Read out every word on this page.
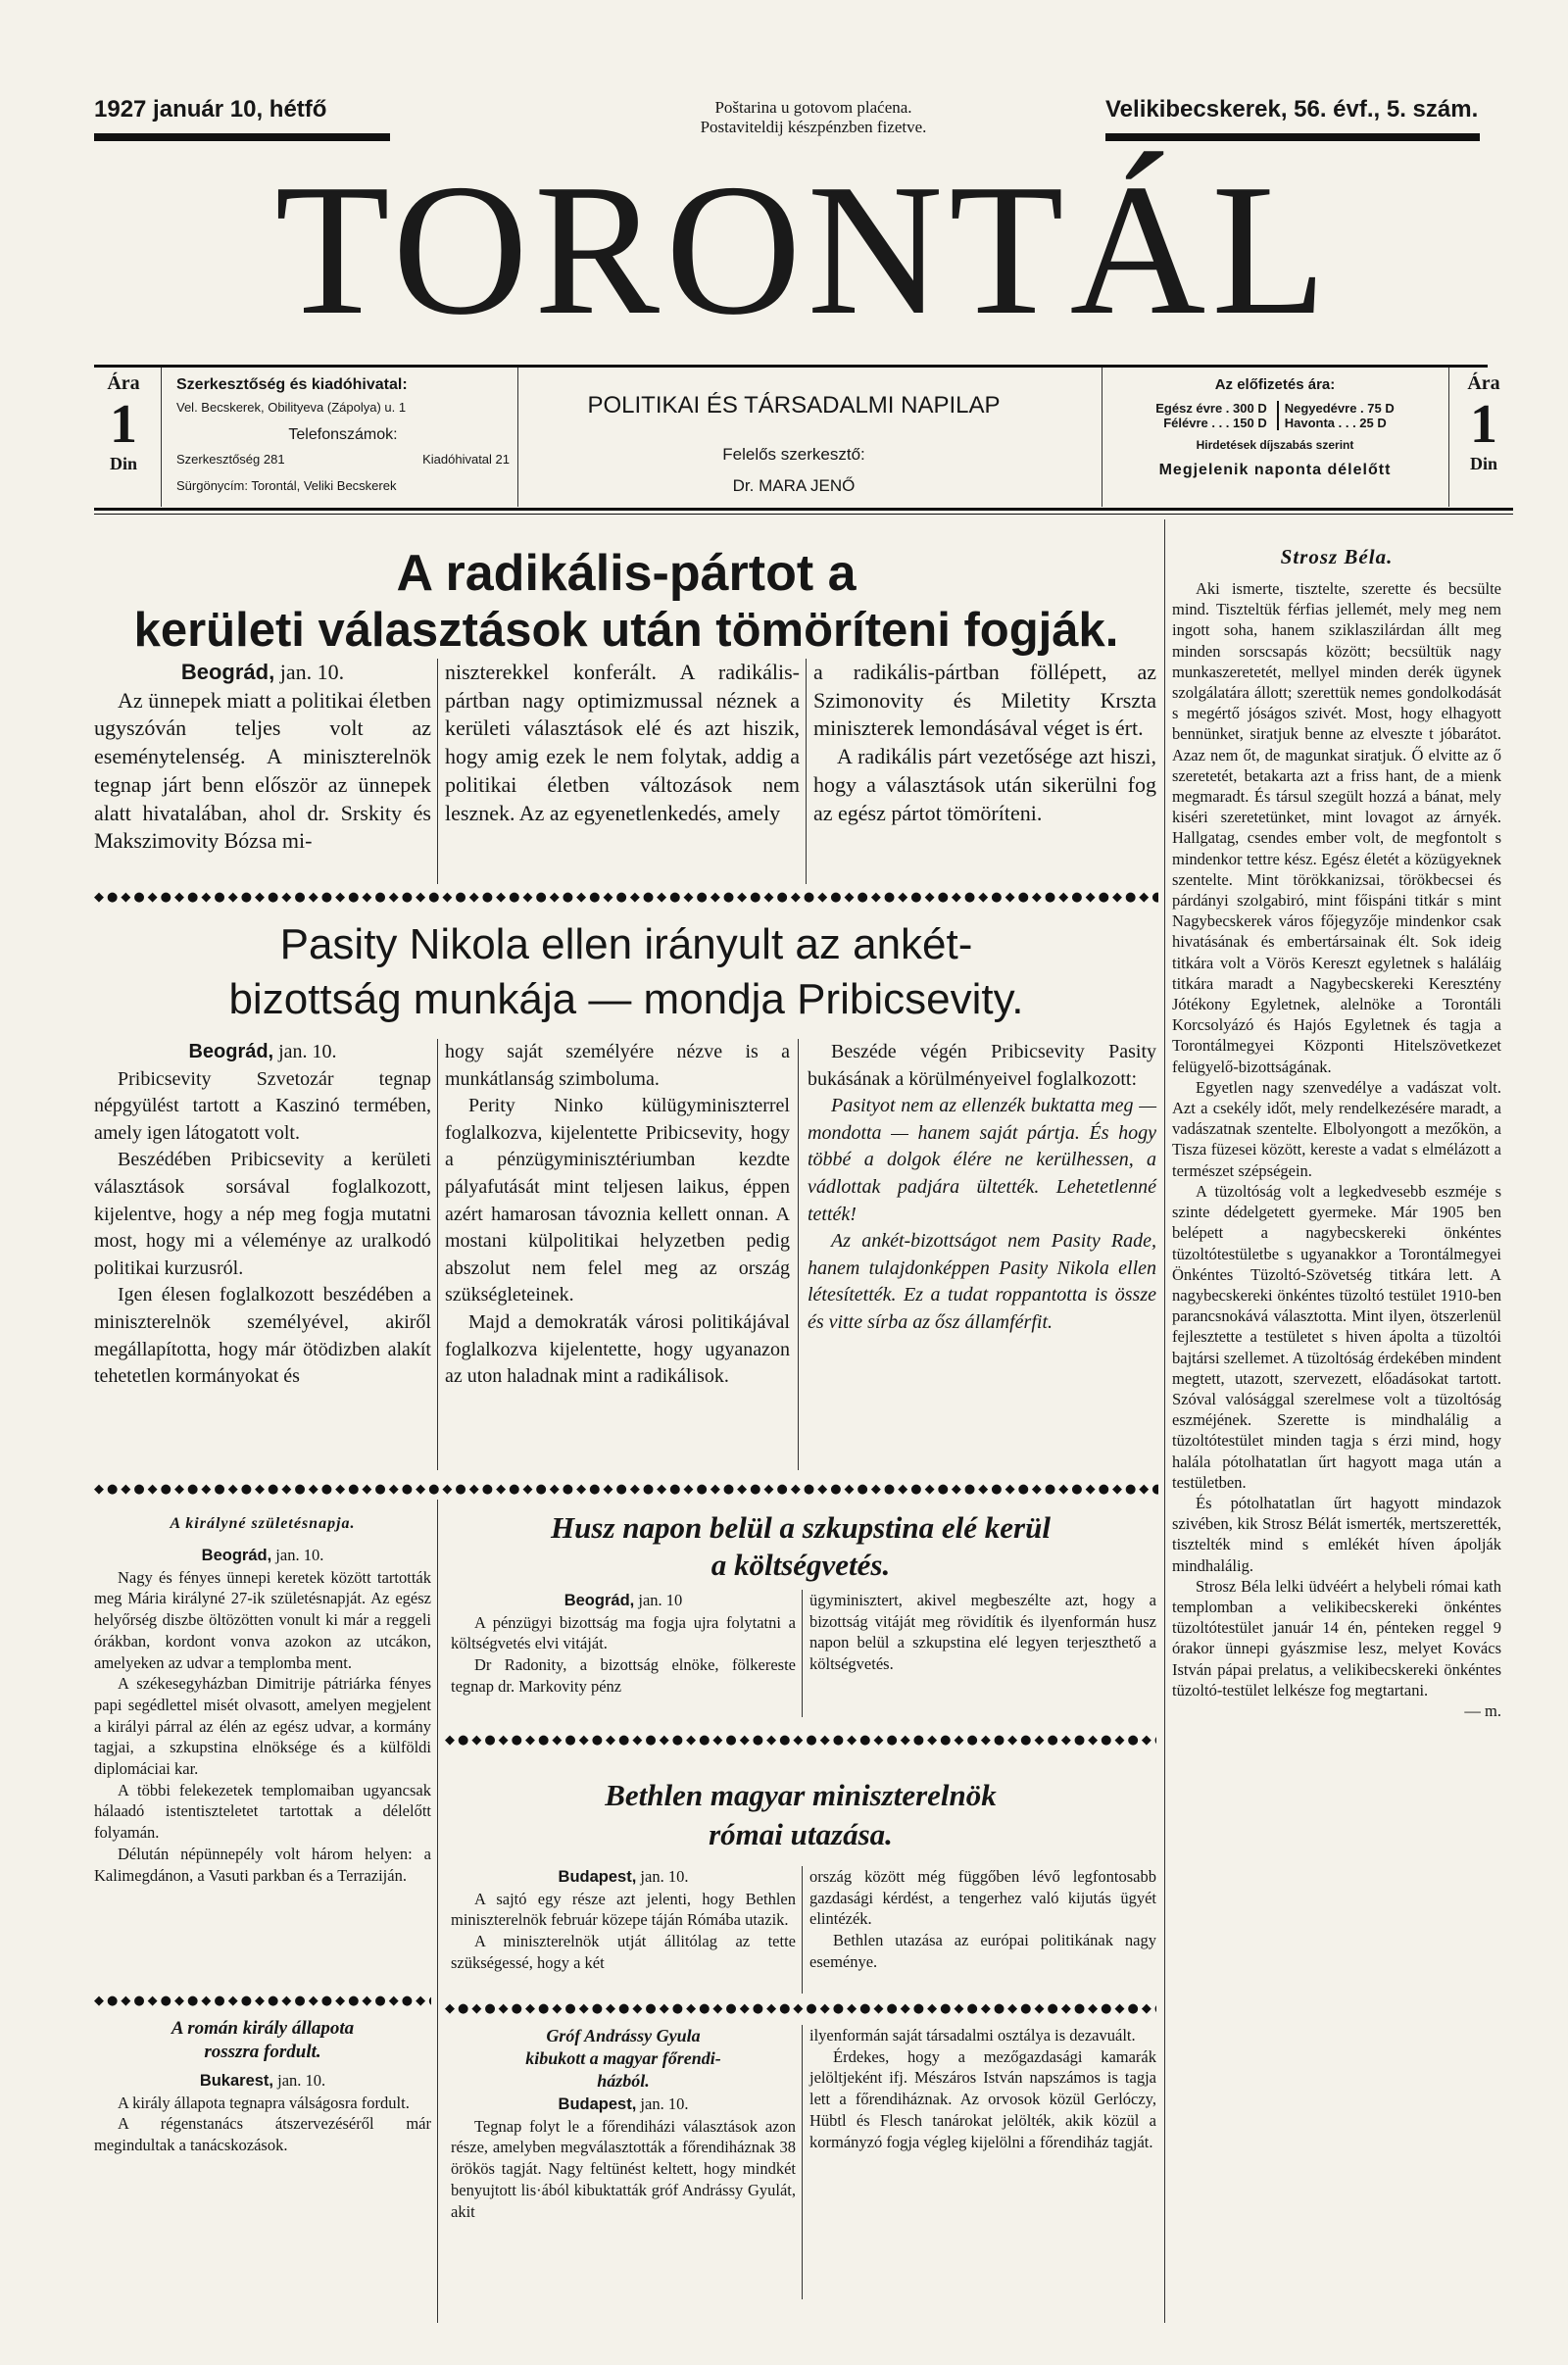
1927 január 10, hétfő	Poštarina u gotovom plaćena.
Postaviteldij készpénzben fizetve.
Velikibecskerek, 56. évf., 5. szám.
TORONTÁL
Ára
1
Din
Szerkesztőség és kiadóhivatal:
Vel. Becskerek, Obilityeva (Zápolya) u. 1
Telefonszámok:
Szerkesztőség 281	Kiadóhivatal 21
Sürgönycím: Torontál, Veliki Becskerek
POLITIKAI ÉS TÁRSADALMI NAPILAP
Felelős szerkesztő:
Dr. MARA JENŐ
Az előfizetés ára:
Egész évre . 300 D	Negyedévre . 75 D
Félévre . . . 150 D	Havonta . . . 25 D
Hirdetések díjszabás szerint
Megjelenik naponta délelőtt
Ára
1
Din
A radikális-pártot a
kerületi választások után tömöríteni fogják.
Beográd, jan. 10.

Az ünnepek miatt a politikai életben ugyszóván teljes volt az eseménytelenség. A miniszterelnök tegnap járt benn először az ünnepek alatt hivatalában, ahol dr. Srskity és Makszimovity Bózsa mi-

niszterekkel konferált. A radikális-pártban nagy optimizmussal néznek a kerületi választások elé és azt hiszik, hogy amig ezek le nem folytak, addig a politikai életben változások nem lesznek. Az az egyenetlenkedés, amely

a radikális-pártban föllépett, az Szimonovity és Miletity Krszta miniszterek lemondásával véget is ért.

A radikális párt vezetősége azt hiszi, hogy a választások után sikerülni fog az egész pártot tömöríteni.

◆●◆●◆●◆●◆●◆●◆●◆●◆●◆●◆●◆●◆●◆●◆●◆●◆●◆●◆●◆●◆●◆●◆●◆●◆●◆●◆●◆●◆●◆●◆●◆●◆●◆●◆●◆●◆●◆●◆●◆●◆●◆●◆●◆●◆●◆●◆●◆●◆●◆●◆●◆●◆●◆●◆●◆●◆●◆●◆●◆●◆●◆●◆●◆●
Pasity Nikola ellen irányult az ankét-
bizottság munkája — mondja Pribicsevity.
Beográd, jan. 10.

Pribicsevity Szvetozár tegnap népgyülést tartott a Kaszinó termében, amely igen látogatott volt.

Beszédében Pribicsevity a kerületi választások sorsával foglalkozott, kijelentve, hogy a nép meg fogja mutatni most, hogy mi a véleménye az uralkodó politikai kurzusról.

Igen élesen foglalkozott beszédében a miniszterelnök személyével, akiről megállapította, hogy már ötödizben alakít tehetetlen kormányokat és

hogy saját személyére nézve is a munkátlanság szimboluma.

Perity Ninko külügyminiszterrel foglalkozva, kijelentette Pribicsevity, hogy a pénzügyminisztériumban kezdte pályafutását mint teljesen laikus, éppen azért hamarosan távoznia kellett onnan. A mostani külpolitikai helyzetben pedig abszolut nem felel meg az ország szükségleteinek.

Majd a demokraták városi politikájával foglalkozva kijelentette, hogy ugyanazon az uton haladnak mint a radikálisok.

Beszéde végén Pribicsevity Pasity bukásának a körülményeivel foglalkozott:

Pasityot nem az ellenzék buktatta meg — mondotta — hanem saját pártja. És hogy többé a dolgok élére ne kerülhessen, a vádlottak padjára ültették. Lehetetlenné tették!

Az ankét-bizottságot nem Pasity Rade, hanem tulajdonképpen Pasity Nikola ellen létesítették. Ez a tudat roppantotta is össze és vitte sírba az ősz államférfit.

◆●◆●◆●◆●◆●◆●◆●◆●◆●◆●◆●◆●◆●◆●◆●◆●◆●◆●◆●◆●◆●◆●◆●◆●◆●◆●◆●◆●◆●◆●◆●◆●◆●◆●◆●◆●◆●◆●◆●◆●◆●◆●◆●◆●◆●◆●◆●◆●◆●◆●◆●◆●◆●◆●◆●◆●◆●◆●◆●◆●◆●◆●◆●◆●
A királyné születésnapja.
Beográd, jan. 10.

Nagy és fényes ünnepi keretek között tartották meg Mária királyné 27-ik születésnapját. Az egész helyőrség diszbe öltözötten vonult ki már a reggeli órákban, kordont vonva azokon az utcákon, amelyeken az udvar a templomba ment.

A székesegyházban Dimitrije pátriárka fényes papi segédlettel misét olvasott, amelyen megjelent a királyi párral az élén az egész udvar, a kormány tagjai, a szkupstina elnöksége és a külföldi diplomáciai kar.

A többi felekezetek templomaiban ugyancsak hálaadó istentiszteletet tartottak a délelőtt folyamán.

Délután népünnepély volt három helyen: a Kalimegdánon, a Vasuti parkban és a Terraziján.

◆●◆●◆●◆●◆●◆●◆●◆●◆●◆●◆●◆●◆●◆●◆●◆●◆●◆●◆●◆●◆●◆●◆●◆●◆●◆●◆●◆●◆●◆●◆●◆●◆●◆●◆●◆●◆●◆●◆●◆●◆●◆●◆●◆●◆●◆●◆●◆●◆●◆●◆●◆●◆●◆●◆●◆●◆●◆●◆●◆●◆●◆●◆●◆●
A román király állapota
rosszra fordult.
Bukarest, jan. 10.

A király állapota tegnapra válságosra fordult.

A régenstanács átszervezéséről már megindultak a tanácskozások.

Husz napon belül a szkupstina elé kerül
a költségvetés.
Beográd, jan. 10

A pénzügyi bizottság ma fogja ujra folytatni a költségvetés elvi vitáját.

Dr Radonity, a bizottság elnöke, fölkereste tegnap dr. Markovity pénz

ügyminisztert, akivel megbeszélte azt, hogy a bizottság vitáját meg rövidítik és ilyenformán husz napon belül a szkupstina elé legyen terjeszthető a költségvetés.

◆●◆●◆●◆●◆●◆●◆●◆●◆●◆●◆●◆●◆●◆●◆●◆●◆●◆●◆●◆●◆●◆●◆●◆●◆●◆●◆●◆●◆●◆●◆●◆●◆●◆●◆●◆●◆●◆●◆●◆●◆●◆●◆●◆●◆●◆●◆●◆●◆●◆●◆●◆●◆●◆●◆●◆●◆●◆●◆●◆●◆●◆●◆●◆●
Bethlen magyar miniszterelnök
római utazása.
Budapest, jan. 10.

A sajtó egy része azt jelenti, hogy Bethlen miniszterelnök február közepe táján Rómába utazik.

A miniszterelnök utját állitólag az tette szükségessé, hogy a két

ország között még függőben lévő legfontosabb gazdasági kérdést, a tengerhez való kijutás ügyét elintézék.

Bethlen utazása az európai politikának nagy eseménye.

◆●◆●◆●◆●◆●◆●◆●◆●◆●◆●◆●◆●◆●◆●◆●◆●◆●◆●◆●◆●◆●◆●◆●◆●◆●◆●◆●◆●◆●◆●◆●◆●◆●◆●◆●◆●◆●◆●◆●◆●◆●◆●◆●◆●◆●◆●◆●◆●◆●◆●◆●◆●◆●◆●◆●◆●◆●◆●◆●◆●◆●◆●◆●◆●
Gróf Andrássy Gyula
kibukott a magyar főrendi-
házból.
Budapest, jan. 10.

Tegnap folyt le a főrendiházi választások azon része, amelyben megválasztották a főrendiháznak 38 örökös tagját. Nagy feltünést keltett, hogy mindkét benyujtott lis·ából kibuktatták gróf Andrássy Gyulát, akit

ilyenformán saját társadalmi osztálya is dezavuált.

Érdekes, hogy a mezőgazdasági kamarák jelöltjeként ifj. Mészáros István napszámos is tagja lett a főrendiháznak. Az orvosok közül Gerlóczy, Hübtl és Flesch tanárokat jelölték, akik közül a kormányzó fogja végleg kijelölni a főrendiház tagját.

Strosz Béla.

Aki ismerte, tisztelte, szerette és becsülte mind. Tiszteltük férfias jellemét, mely meg nem ingott soha, hanem sziklaszilárdan állt meg minden sorscsapás között; becsültük nagy munkaszeretetét, mellyel minden derék ügynek szolgálatára állott; szerettük nemes gondolkodását s megértő jóságos szivét. Most, hogy elhagyott bennünket, siratjuk benne az elveszte t jóbarátot. Azaz nem őt, de magunkat siratjuk. Ő elvitte az ő szeretetét, betakarta azt a friss hant, de a mienk megmaradt. És társul szegült hozzá a bánat, mely kiséri szeretetünket, mint lovagot az árnyék. Hallgatag, csendes ember volt, de megfontolt s mindenkor tettre kész. Egész életét a közügyeknek szentelte. Mint törökkanizsai, törökbecsei és párdányi szolgabiró, mint főispáni titkár s mint Nagybecskerek város főjegyzője mindenkor csak hivatásának és embertársainak élt. Sok ideig titkára volt a Vörös Kereszt egyletnek s haláláig titkára maradt a Nagybecskereki Keresztény Jótékony Egyletnek, alelnöke a Torontáli Korcsolyázó és Hajós Egyletnek és tagja a Torontálmegyei Központi Hitelszövetkezet felügyelő-bizottságának.

Egyetlen nagy szenvedélye a vadászat volt. Azt a csekély időt, mely rendelkezésére maradt, a vadászatnak szentelte. Elbolyongott a mezőkön, a Tisza füzesei között, kereste a vadat s elmélázott a természet szépségein.

A tüzoltóság volt a legkedvesebb eszméje s szinte dédelgetett gyermeke. Már 1905 ben belépett a nagybecskereki önkéntes tüzoltótestületbe s ugyanakkor a Torontálmegyei Önkéntes Tüzoltó-Szövetség titkára lett. A nagybecskereki önkéntes tüzoltó testület 1910-ben parancsnokává választotta. Mint ilyen, ötszerlenül fejlesztette a testületet s hiven ápolta a tüzoltói bajtársi szellemet. A tüzoltóság érdekében mindent megtett, utazott, szervezett, előadásokat tartott. Szóval valósággal szerelmese volt a tüzoltóság eszméjének. Szerette is mindhalálig a tüzoltótestület minden tagja s érzi mind, hogy halála pótolhatatlan űrt hagyott maga után a testületben.

És pótolhatatlan űrt hagyott mindazok szivében, kik Strosz Bélát ismerték, mertszerették, tisztelték mind s emlékét híven ápolják mindhalálig.

Strosz Béla lelki üdvéért a helybeli római kath templomban a velikibecskereki önkéntes tüzoltótestület január 14 én, pénteken reggel 9 órakor ünnepi gyászmise lesz, melyet Kovács István pápai prelatus, a velikibecskereki önkéntes tüzoltó-testület lelkésze fog megtartani.

— m.
